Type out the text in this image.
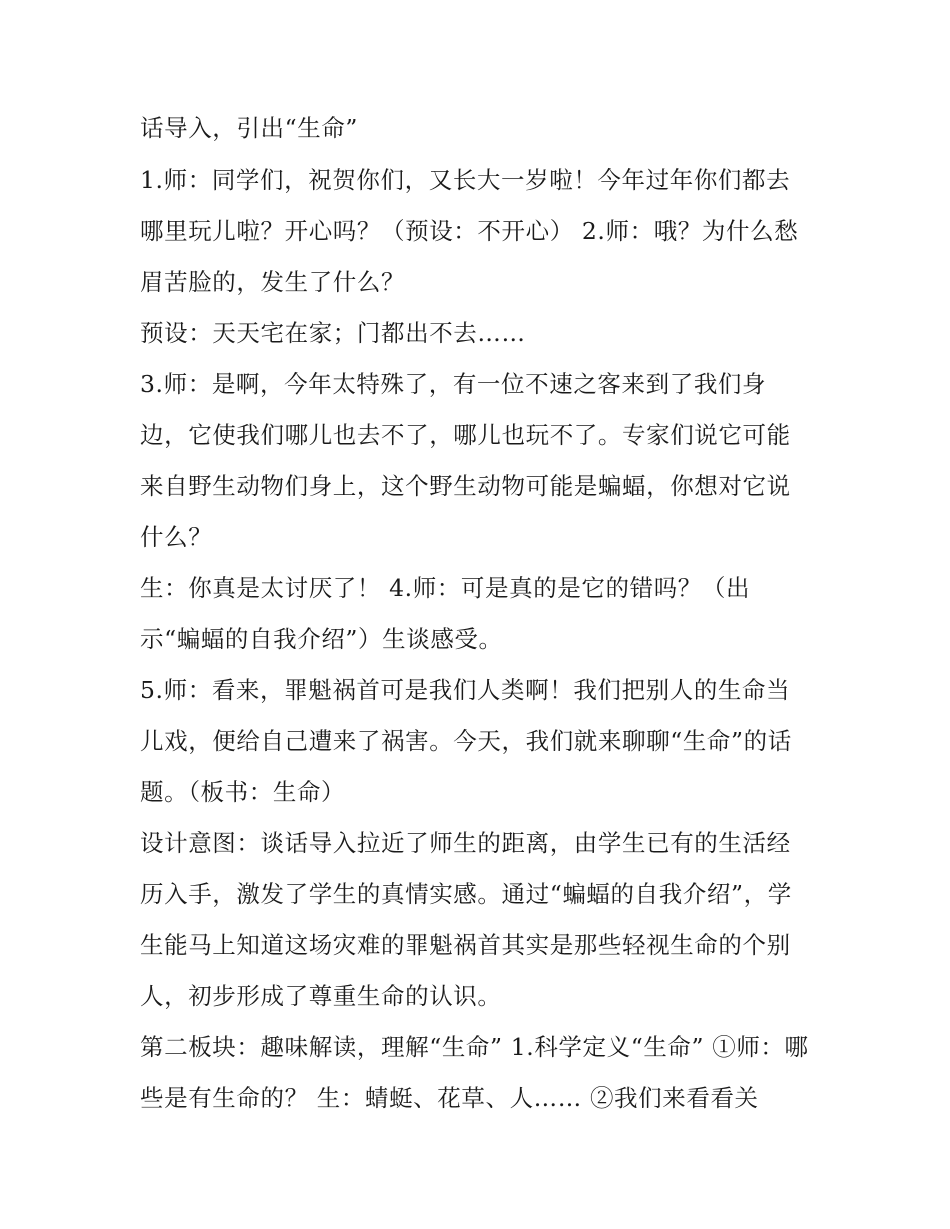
话导入，引出“生命”
1.师：同学们，祝贺你们，又长大一岁啦！今年过年你们都去
哪里玩儿啦？开心吗？（预设：不开心） 2.师：哦？为什么愁
眉苦脸的，发生了什么？
预设：天天宅在家；门都出不去……
3.师：是啊，今年太特殊了，有一位不速之客来到了我们身
边，它使我们哪儿也去不了，哪儿也玩不了。专家们说它可能
来自野生动物们身上，这个野生动物可能是蝙蝠，你想对它说
什么？
生：你真是太讨厌了！ 4.师：可是真的是它的错吗？（出
示“蝙蝠的自我介绍”）生谈感受。
5.师：看来，罪魁祸首可是我们人类啊！我们把别人的生命当
儿戏，便给自己遭来了祸害。今天，我们就来聊聊“生命”的话
题。（板书：生命）
设计意图：谈话导入拉近了师生的距离，由学生已有的生活经
历入手，激发了学生的真情实感。通过“蝙蝠的自我介绍”，学
生能马上知道这场灾难的罪魁祸首其实是那些轻视生命的个别
人，初步形成了尊重生命的认识。
第二板块：趣味解读，理解“生命” 1.科学定义“生命” ①师：哪
些是有生命的？ 生：蜻蜓、花草、人…… ②我们来看看关
